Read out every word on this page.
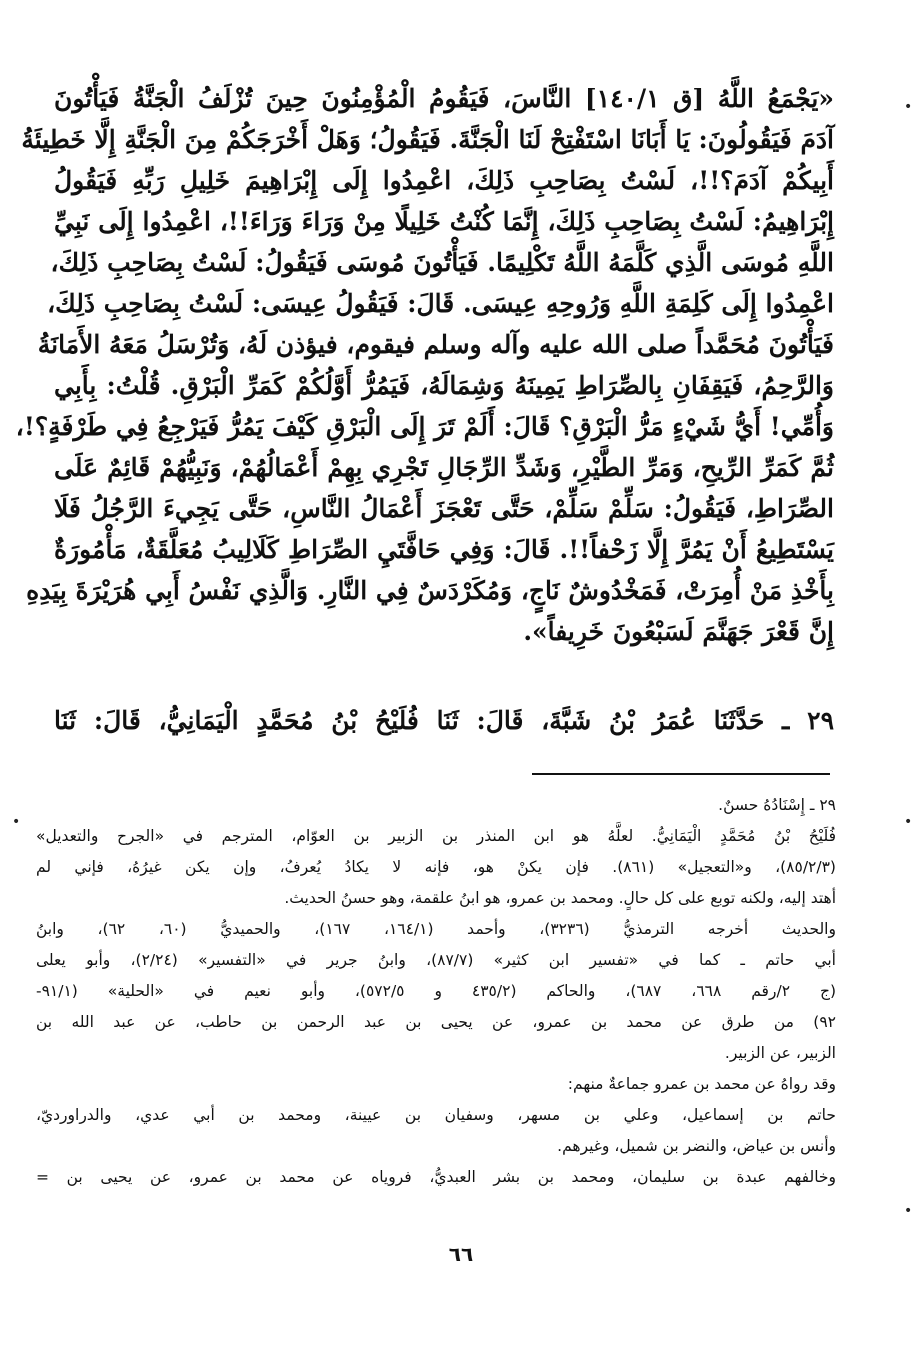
•
•	•
•
«يَجْمَعُ اللَّهُ [ق ١٤٠/١] النَّاسَ، فَيَقُومُ الْمُؤْمِنُونَ حِينَ تُزْلَفُ الْجَنَّةُ فَيَأْتُونَ
آدَمَ فَيَقُولُونَ: يَا أَبَانَا اسْتَفْتِحْ لَنَا الْجَنَّةَ. فَيَقُولُ؛ وَهَلْ أَخْرَجَكُمْ مِنَ الْجَنَّةِ إِلَّا خَطِيئَةُ
أَبِيكُمْ آدَمَ؟!!، لَسْتُ بِصَاحِبِ ذَلِكَ، اعْمِدُوا إِلَى إِبْرَاهِيمَ خَلِيلِ رَبِّهِ فَيَقُولُ
إِبْرَاهِيمُ: لَسْتُ بِصَاحِبِ ذَلِكَ، إِنَّمَا كُنْتُ خَلِيلًا مِنْ وَرَاءَ وَرَاءَ!!، اعْمِدُوا إِلَى نَبِيِّ
اللَّهِ مُوسَى الَّذِي كَلَّمَهُ اللَّهُ تَكْلِيمًا. فَيَأْتُونَ مُوسَى فَيَقُولُ: لَسْتُ بِصَاحِبِ ذَلِكَ،
اعْمِدُوا إِلَى كَلِمَةِ اللَّهِ وَرُوحِهِ عِيسَى. قَالَ: فَيَقُولُ عِيسَى: لَسْتُ بِصَاحِبِ ذَلِكَ،
فَيَأْتُونَ مُحَمَّداً صلى الله عليه وآله وسلم فيقوم، فيؤذن لَهُ، وَتُرْسَلُ مَعَهُ الأَمَانَةُ
وَالرَّحِمُ، فَيَقِفَانِ بِالصِّرَاطِ يَمِينَهُ وَشِمَالَهُ، فَيَمُرُّ أَوَّلُكُمْ كَمَرِّ الْبَرْقِ. قُلْتُ: بِأَبِي
وَأُمِّي! أَيُّ شَيْءٍ مَرُّ الْبَرْقِ؟ قَالَ: أَلَمْ تَرَ إِلَى الْبَرْقِ كَيْفَ يَمُرُّ فَيَرْجِعُ فِي طَرْفَةٍ؟!،
ثُمَّ كَمَرِّ الرِّيحِ، وَمَرِّ الطَّيْرِ، وَشَدِّ الرِّجَالِ تَجْرِي بِهِمْ أَعْمَالُهُمْ، وَنَبِيُّهُمْ قَائِمٌ عَلَى
الصِّرَاطِ، فَيَقُولُ: سَلِّمْ سَلِّمْ، حَتَّى تَعْجَزَ أَعْمَالُ النَّاسِ، حَتَّى يَجِيءَ الرَّجُلُ فَلَا
يَسْتَطِيعُ أَنْ يَمُرَّ إِلَّا زَحْفاً!!. قَالَ: وَفِي حَافَّتَيِ الصِّرَاطِ كَلَالِيبُ مُعَلَّقَةٌ، مَأْمُورَةٌ
بِأَخْذِ مَنْ أُمِرَتْ، فَمَخْدُوشٌ نَاجٍ، وَمُكَرْدَسٌ فِي النَّارِ. وَالَّذِي نَفْسُ أَبِي هُرَيْرَةَ بِيَدِهِ
إِنَّ قَعْرَ جَهَنَّمَ لَسَبْعُونَ خَرِيفاً».
٢٩ ـ حَدَّثَنَا عُمَرُ بْنُ شَبَّةَ، قَالَ: ثَنَا فُلَيْحُ بْنُ مُحَمَّدٍ الْيَمَانِيُّ، قَالَ: ثَنَا
٢٩ ـ إِسْنَادُهُ حسنٌ.
فُلَيْحُ بْنُ مُحَمَّدٍ الْيَمَانِيُّ. لعلَّهُ هو ابن المنذر بن الزبير بن العوّام، المترجم في «الجرح والتعديل»
(٨٥/٢/٣)، و«التعجيل» (٨٦١). فإن يكنْ هو، فإنه لا يكادُ يُعرفُ، وإن يكن غيرُهُ، فإني لم
أهتد إليه، ولكنه توبع على كل حالٍ. ومحمد بن عمرو، هو ابنُ علقمة، وهو حسنُ الحديث.
والحديث أخرجه الترمذيُّ (٣٢٣٦)، وأحمد (١٦٤/١، ١٦٧)، والحميديُّ (٦٠، ٦٢)، وابنُ
أبي حاتم ـ كما في «تفسير ابن كثير» (٨٧/٧)، وابنُ جرير في «التفسير» (٢/٢٤)، وأبو يعلى
(ج ٢/رقم ٦٦٨، ٦٨٧)، والحاكم (٤٣٥/٢ و ٥٧٢/٥)، وأبو نعيم في «الحلية» (٩١/١-
٩٢) من طرق عن محمد بن عمرو، عن يحيى بن عبد الرحمن بن حاطب، عن عبد الله بن
الزبير، عن الزبير.
وقد رواهُ عن محمد بن عمرو جماعةٌ منهم:
حاتم بن إسماعيل، وعلي بن مسهر، وسفيان بن عيينة، ومحمد بن أبي عدي، والدراورديّ،
وأنس بن عياض، والنضر بن شميل، وغيرهم.
وخالفهم عبدة بن سليمان، ومحمد بن بشر العبديُّ، فروياه عن محمد بن عمرو، عن يحيى بن =
٦٦
